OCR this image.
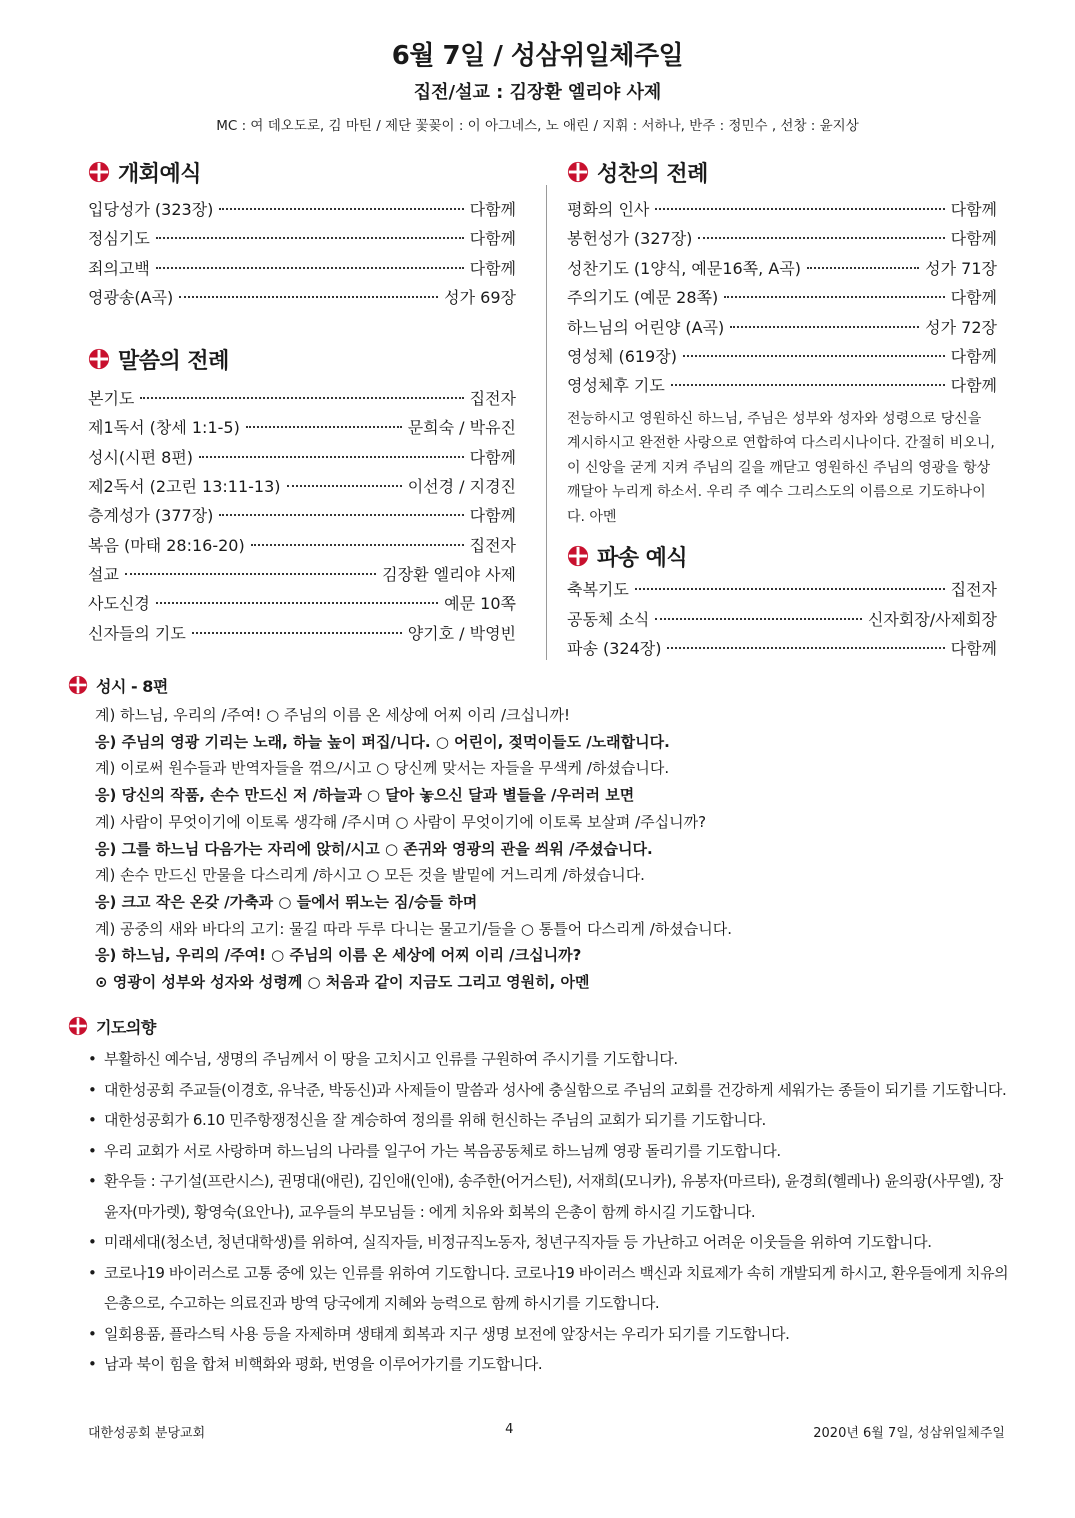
6월 7일 / 성삼위일체주일
집전/설교 : 김장환 엘리야 사제
MC : 여 데오도로, 김 마틴 / 제단 꽃꽂이 : 이 아그네스, 노 애린 / 지휘 : 서하나, 반주 : 정민수 , 선창 : 윤지상
개회예식
입당성가 (323장)	다함께
정심기도	다함께
죄의고백	다함께
영광송(A곡)	성가 69장
말씀의 전례
본기도	집전자
제1독서 (창세 1:1-5)	문희숙 / 박유진
성시(시편 8편)	다함께
제2독서 (2고린 13:11-13)	이선경 / 지경진
층계성가 (377장)	다함께
복음 (마태 28:16-20)	집전자
설교	김장환 엘리야 사제
사도신경	예문 10쪽
신자들의 기도	양기호 / 박영빈
성찬의 전례
평화의 인사	다함께
봉헌성가 (327장)	다함께
성찬기도 (1양식, 예문16쪽, A곡)	성가 71장
주의기도 (예문 28쪽)	다함께
하느님의 어린양 (A곡)	성가 72장
영성체 (619장)	다함께
영성체후 기도	다함께

전능하시고 영원하신 하느님, 주님은 성부와 성자와 성령으로 당신을 계시하시고 완전한 사랑으로 연합하여 다스리시나이다. 간절히 비오니, 이 신앙을 굳게 지켜 주님의 길을 깨닫고 영원하신 주님의 영광을 항상 깨달아 누리게 하소서. 우리 주 예수 그리스도의 이름으로 기도하나이다. 아멘

파송 예식
축복기도	집전자
공동체 소식	신자회장/사제회장
파송 (324장)	다함께
성시 - 8편
계) 하느님, 우리의 /주여! ○ 주님의 이름 온 세상에 어찌 이리 /크십니까!
응) 주님의 영광 기리는 노래, 하늘 높이 퍼집/니다. ○ 어린이, 젖먹이들도 /노래합니다.
계) 이로써 원수들과 반역자들을 꺾으/시고 ○ 당신께 맞서는 자들을 무색케 /하셨습니다.
응) 당신의 작품, 손수 만드신 저 /하늘과 ○ 달아 놓으신 달과 별들을 /우러러 보면
계) 사람이 무엇이기에 이토록 생각해 /주시며 ○ 사람이 무엇이기에 이토록 보살펴 /주십니까?
응) 그를 하느님 다음가는 자리에 앉히/시고 ○ 존귀와 영광의 관을 씌워 /주셨습니다.
계) 손수 만드신 만물을 다스리게 /하시고 ○ 모든 것을 발밑에 거느리게 /하셨습니다.
응) 크고 작은 온갖 /가축과 ○ 들에서 뛰노는 짐/승들 하며
계) 공중의 새와 바다의 고기: 물길 따라 두루 다니는 물고기/들을 ○ 통틀어 다스리게 /하셨습니다.
응) 하느님, 우리의 /주여! ○ 주님의 이름 온 세상에 어찌 이리 /크십니까?
⊙ 영광이 성부와 성자와 성령께 ○ 처음과 같이 지금도 그리고 영원히, 아멘
기도의향
• 부활하신 예수님, 생명의 주님께서 이 땅을 고치시고 인류를 구원하여 주시기를 기도합니다.
• 대한성공회 주교들(이경호, 유낙준, 박동신)과 사제들이 말씀과 성사에 충실함으로 주님의 교회를 건강하게 세워가는 종들이 되기를 기도합니다.
• 대한성공회가 6.10 민주항쟁정신을 잘 계승하여 정의를 위해 헌신하는 주님의 교회가 되기를 기도합니다.
• 우리 교회가 서로 사랑하며 하느님의 나라를 일구어 가는 복음공동체로 하느님께 영광 돌리기를 기도합니다.
• 환우들 : 구기설(프란시스), 권명대(애린), 김인애(인애), 송주한(어거스틴), 서재희(모니카), 유봉자(마르타), 윤경희(헬레나) 윤의광(사무엘), 장윤자(마가렛), 황영숙(요안나), 교우들의 부모님들 : 에게 치유와 회복의 은총이 함께 하시길 기도합니다.
• 미래세대(청소년, 청년대학생)를 위하여, 실직자들, 비정규직노동자, 청년구직자들 등 가난하고 어려운 이웃들을 위하여 기도합니다.
• 코로나19 바이러스로 고통 중에 있는 인류를 위하여 기도합니다. 코로나19 바이러스 백신과 치료제가 속히 개발되게 하시고, 환우들에게 치유의 은총으로, 수고하는 의료진과 방역 당국에게 지혜와 능력으로 함께 하시기를 기도합니다.
• 일회용품, 플라스틱 사용 등을 자제하며 생태계 회복과 지구 생명 보전에 앞장서는 우리가 되기를 기도합니다.
• 남과 북이 힘을 합쳐 비핵화와 평화, 번영을 이루어가기를 기도합니다.
대한성공회 분당교회	4	2020년 6월 7일, 성삼위일체주일
